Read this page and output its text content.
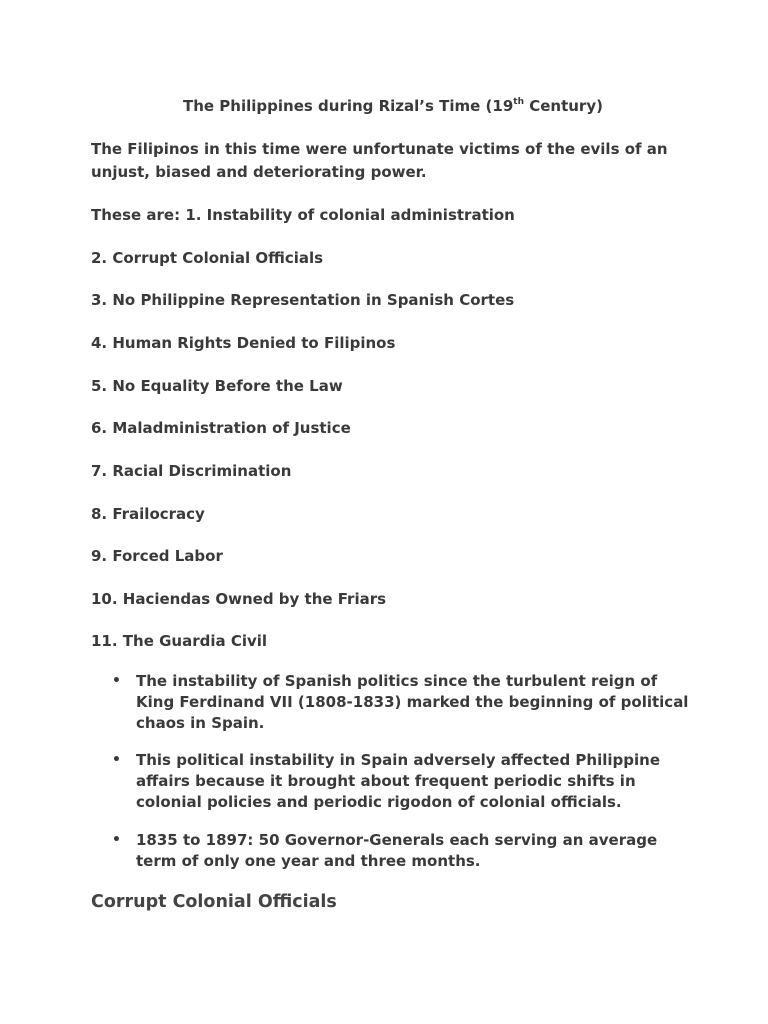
The Philippines during Rizal’s Time (19th Century)
The Filipinos in this time were unfortunate victims of the evils of an unjust, biased and deteriorating power.
These are: 1. Instability of colonial administration
2. Corrupt Colonial Officials
3. No Philippine Representation in Spanish Cortes
4. Human Rights Denied to Filipinos
5. No Equality Before the Law
6. Maladministration of Justice
7. Racial Discrimination
8. Frailocracy
9. Forced Labor
10. Haciendas Owned by the Friars
11. The Guardia Civil
• The instability of Spanish politics since the turbulent reign of King Ferdinand VII (1808-1833) marked the beginning of political chaos in Spain.
• This political instability in Spain adversely affected Philippine affairs because it brought about frequent periodic shifts in colonial policies and periodic rigodon of colonial officials.
• 1835 to 1897: 50 Governor-Generals each serving an average term of only one year and three months.
Corrupt Colonial Officials
